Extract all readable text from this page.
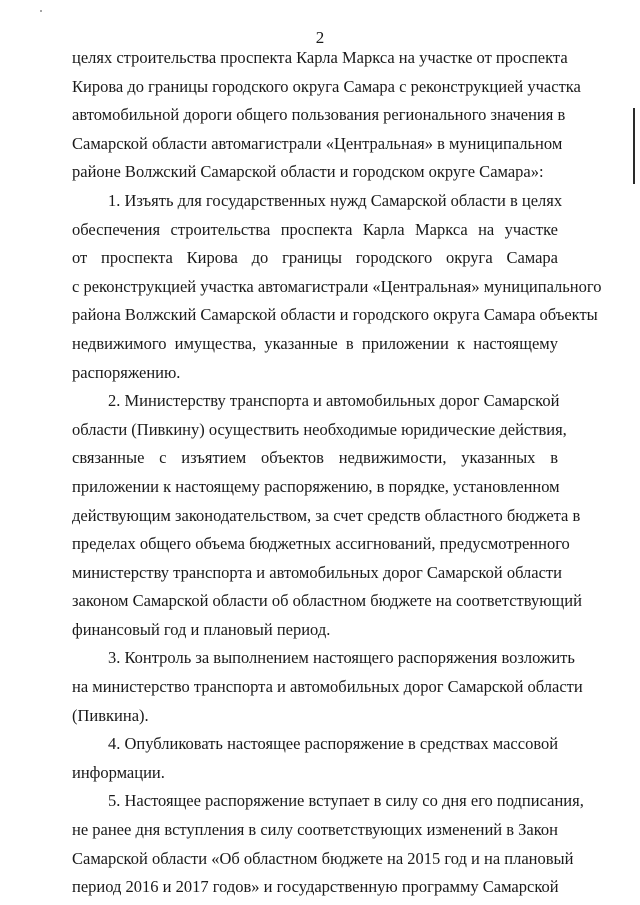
2
целях строительства проспекта Карла Маркса на участке от проспекта
Кирова до границы городского округа Самара с реконструкцией участка
автомобильной дороги общего пользования регионального значения в
Самарской области автомагистрали «Центральная» в муниципальном
районе Волжский Самарской области и городском округе Самара»:
1. Изъять для государственных нужд Самарской области в целях
обеспечения строительства проспекта Карла Маркса на участке
от проспекта Кирова до границы городского округа Самара
с реконструкцией участка автомагистрали «Центральная» муниципального
района Волжский Самарской области и городского округа Самара объекты
недвижимого имущества, указанные в приложении к настоящему
распоряжению.
2. Министерству транспорта и автомобильных дорог Самарской
области (Пивкину) осуществить необходимые юридические действия,
связанные с изъятием объектов недвижимости, указанных в
приложении к настоящему распоряжению, в порядке, установленном
действующим законодательством, за счет средств областного бюджета в
пределах общего объема бюджетных ассигнований, предусмотренного
министерству транспорта и автомобильных дорог Самарской области
законом Самарской области об областном бюджете на соответствующий
финансовый год и плановый период.
3. Контроль за выполнением настоящего распоряжения возложить
на министерство транспорта и автомобильных дорог Самарской области
(Пивкина).
4. Опубликовать настоящее распоряжение в средствах массовой
информации.
5. Настоящее распоряжение вступает в силу со дня его подписания,
не ранее дня вступления в силу соответствующих изменений в Закон
Самарской области «Об областном бюджете на 2015 год и на плановый
период 2016 и 2017 годов» и государственную программу Самарской
